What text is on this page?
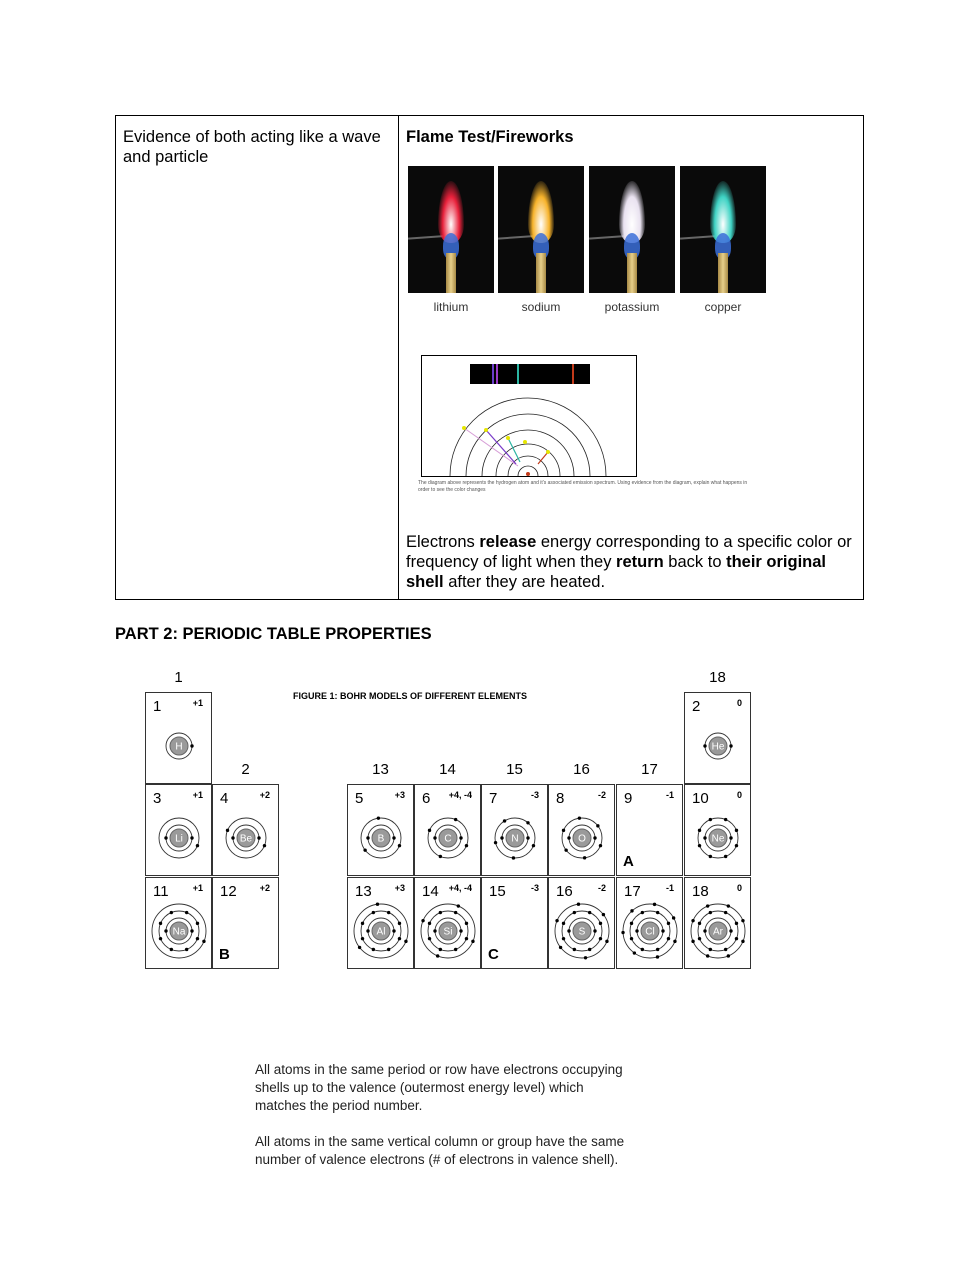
Evidence of both acting like a wave and particle
Flame Test/Fireworks
lithium	sodium	potassium	copper
The diagram above represents the hydrogen atom and it's associated emission spectrum. Using evidence from the diagram, explain what happens in order to see the color changes
Electrons release energy corresponding to a specific color or frequency of light when they return back to their original shell after they are heated.
PART 2: PERIODIC TABLE PROPERTIES
FIGURE 1: BOHR MODELS OF DIFFERENT ELEMENTS
1
2	13	14	15	16	17
18
1	+1
H
2	0
He
3	+1
Li
4	+2
Be
5	+3
B
6 +4, -4
C
7	-3
N
8	-2
O
9	-1
A
10	0
Ne
11	+1
Na
12	+2
B
13	+3
Al
14 +4, -4
Si
15	-3
C
16	-2
S
17	-1
Cl
18	0
Ar
All atoms in the same period or row have electrons occupying shells up to the valence (outermost energy level) which matches the period number.
All atoms in the same vertical column or group have the same number of valence electrons (# of electrons in valence shell).
